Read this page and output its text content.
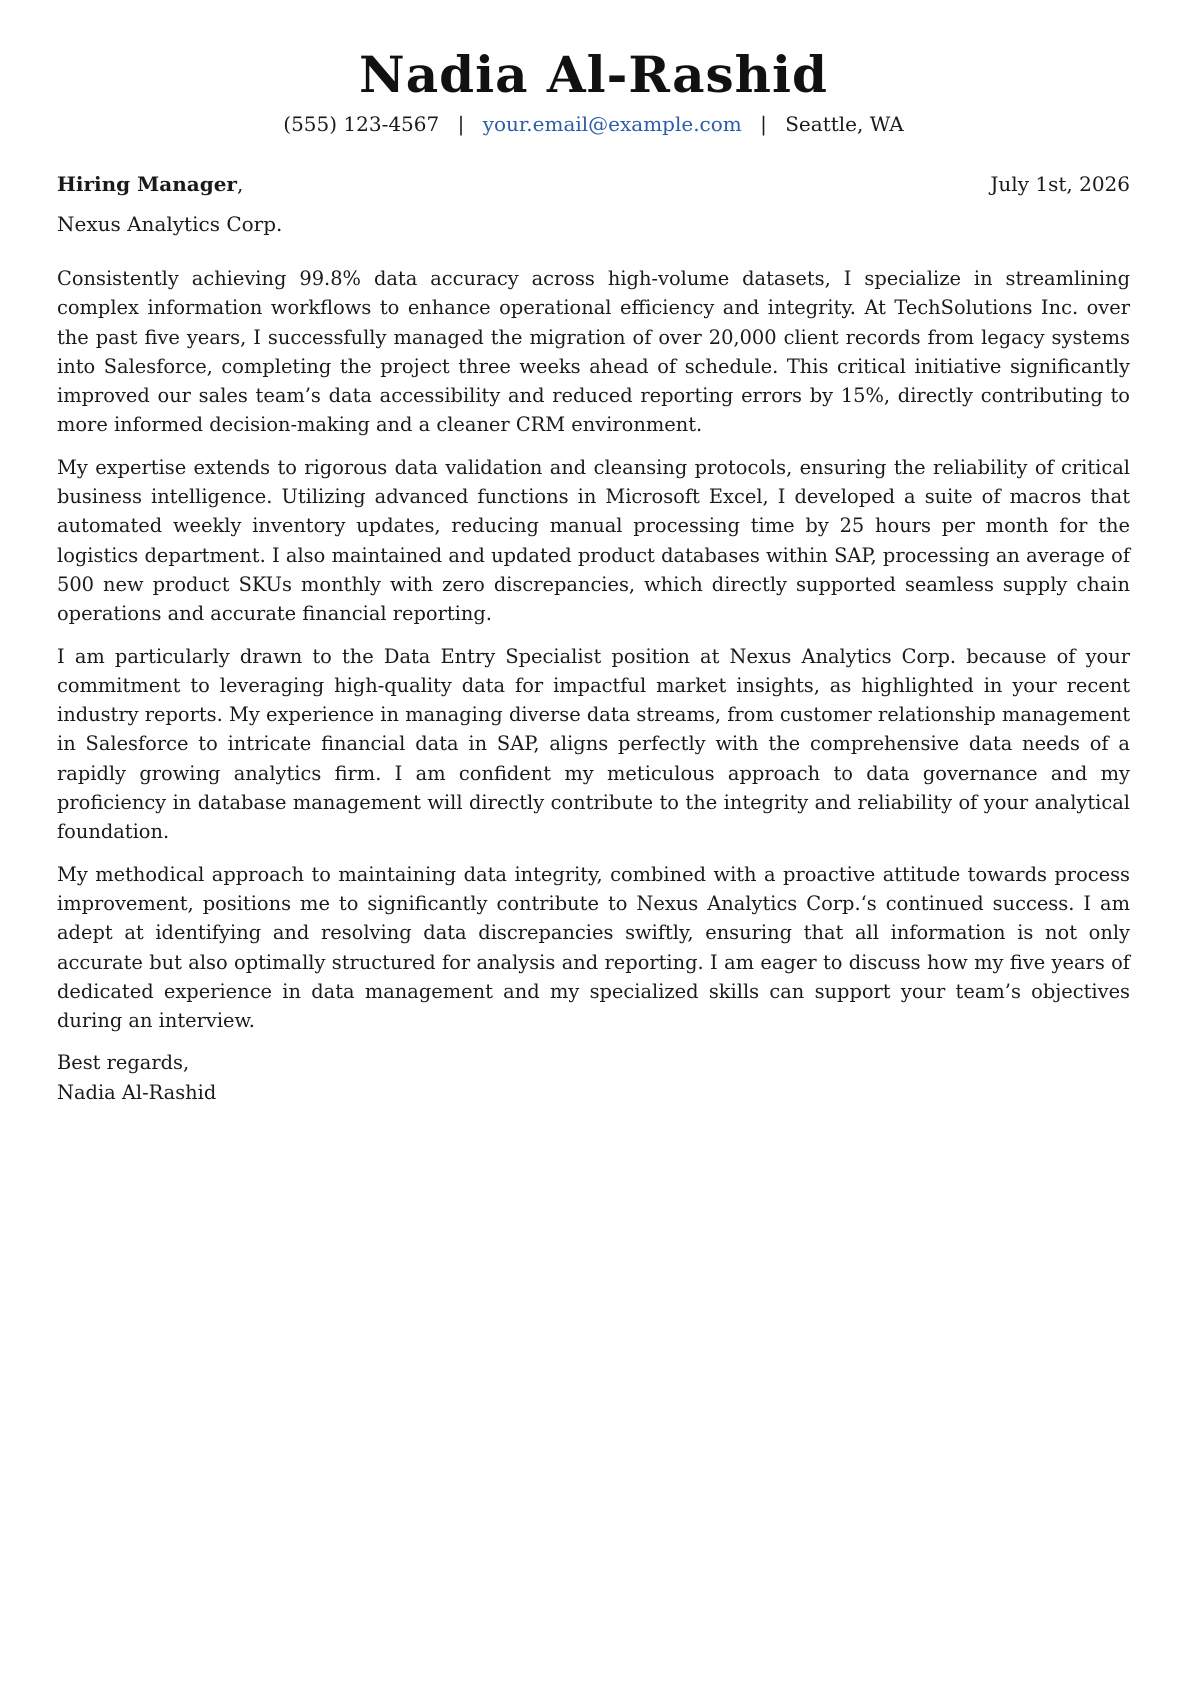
Nadia Al-Rashid
(555) 123-4567 | your.email@example.com | Seattle, WA
Hiring Manager,	July 1st, 2026
Nexus Analytics Corp.

Consistently achieving 99.8% data accuracy across high-volume datasets, I specialize in streamlining complex information workflows to enhance operational efficiency and integrity. At TechSolutions Inc. over the past five years, I successfully managed the migration of over 20,000 client records from legacy systems into Salesforce, completing the project three weeks ahead of schedule. This critical initiative significantly improved our sales team’s data accessibility and reduced reporting errors by 15%, directly contributing to more informed decision-making and a cleaner CRM environment.

My expertise extends to rigorous data validation and cleansing protocols, ensuring the reliability of critical business intelligence. Utilizing advanced functions in Microsoft Excel, I developed a suite of macros that automated weekly inventory updates, reducing manual processing time by 25 hours per month for the logistics department. I also maintained and updated product databases within SAP, processing an average of 500 new product SKUs monthly with zero discrepancies, which directly supported seamless supply chain operations and accurate financial reporting.

I am particularly drawn to the Data Entry Specialist position at Nexus Analytics Corp. because of your commitment to leveraging high-quality data for impactful market insights, as highlighted in your recent industry reports. My experience in managing diverse data streams, from customer relationship management in Salesforce to intricate financial data in SAP, aligns perfectly with the comprehensive data needs of a rapidly growing analytics firm. I am confident my meticulous approach to data governance and my proficiency in database management will directly contribute to the integrity and reliability of your analytical foundation.

My methodical approach to maintaining data integrity, combined with a proactive attitude towards process improvement, positions me to significantly contribute to Nexus Analytics Corp.‘s continued success. I am adept at identifying and resolving data discrepancies swiftly, ensuring that all information is not only accurate but also optimally structured for analysis and reporting. I am eager to discuss how my five years of dedicated experience in data management and my specialized skills can support your team’s objectives during an interview.

Best regards,
Nadia Al-Rashid
